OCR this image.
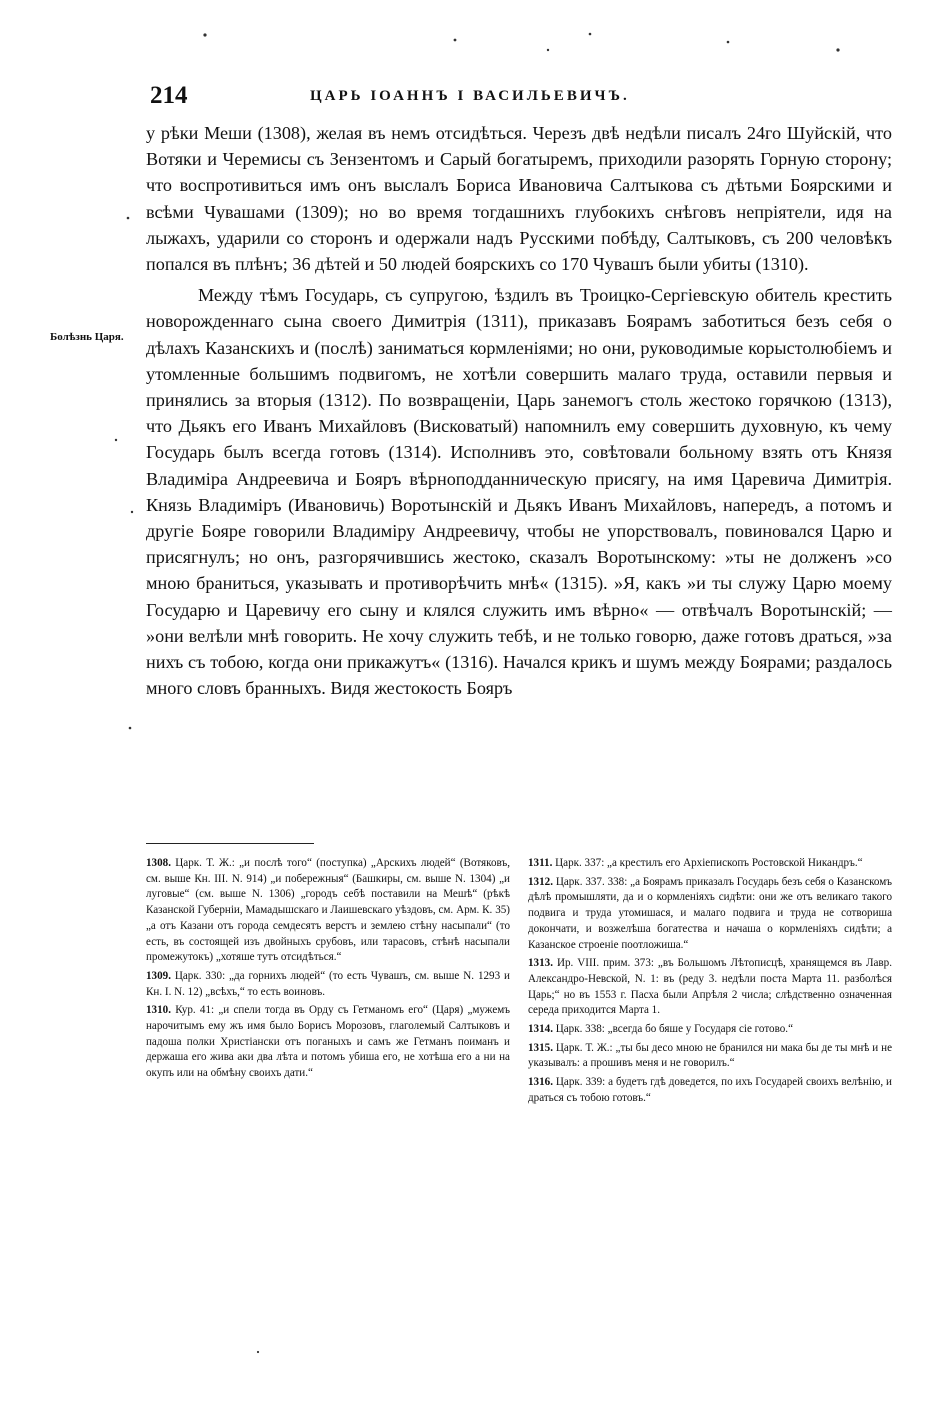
214	ЦАРЬ IОАННЪ I ВАСИЛЬЕВИЧЪ.
Болѣзнь Царя.

у рѣки Меши (1308), желая въ немъ отсидѣться. Черезъ двѣ недѣли писалъ 24го Шуйскій, что Вотяки и Черемисы съ Зензентомъ и Сарый богатыремъ, приходили разорять Горную сторону; что воспротивиться имъ онъ выслалъ Бориса Ивановича Салтыкова съ дѣтьми Боярскими и всѣми Чувашами (1309); но во время тогдашнихъ глубокихъ снѣговъ непріятели, идя на лыжахъ, ударили со сторонъ и одержали надъ Русскими побѣду, Салтыковъ, съ 200 человѣкъ попался въ плѣнъ; 36 дѣтей и 50 людей боярскихъ со 170 Чувашъ были убиты (1310).

Между тѣмъ Государь, съ супругою, ѣздилъ въ Троицко-Сергіевскую обитель крестить новорожденнаго сына своего Димитрія (1311), приказавъ Боярамъ заботиться безъ себя о дѣлахъ Казанскихъ и (послѣ) заниматься кормленіями; но они, руководимые корыстолюбіемъ и утомленные большимъ подвигомъ, не хотѣли совершить малаго труда, оставили первыя и принялись за вторыя (1312). По возвращеніи, Царь занемогъ столь жестоко горячкою (1313), что Дьякъ его Иванъ Михайловъ (Висковатый) напомнилъ ему совершить духовную, къ чему Государь былъ всегда готовъ (1314). Исполнивъ это, совѣтовали больному взять отъ Князя Владиміра Андреевича и Бояръ вѣрноподданническую присягу, на имя Царевича Димитрія. Князь Владиміръ (Ивановичь) Воротынскій и Дьякъ Иванъ Михайловъ, напередъ, а потомъ и другіе Бояре говорили Владиміру Андреевичу, чтобы не упорствовалъ, повиновался Царю и присягнулъ; но онъ, разгорячившись жестоко, сказалъ Воротынскому: »ты не долженъ »со мною браниться, указывать и противорѣчить мнѣ« (1315). »Я, какъ »и ты служу Царю моему Государю и Царевичу его сыну и клялся служить имъ вѣрно« — отвѣчалъ Воротынскій; — »они велѣли мнѣ говорить. Не хочу служить тебѣ, и не только говорю, даже готовъ драться, »за нихъ съ тобою, когда они прикажутъ« (1316). Начался крикъ и шумъ между Боярами; раздалось много словъ бранныхъ. Видя жестокость Бояръ

1308. Царк. Т. Ж.: „и послѣ того“ (поступка) „Арскихъ людей“ (Вотяковъ, см. выше Кн. III. N. 914) „и побережныя“ (Башкиры, см. выше N. 1304) „и луговые“ (см. выше N. 1306) „городъ себѣ поставили на Мешѣ“ (рѣкѣ Казанской Губерніи, Мамадышскаго и Лаишевскаго уѣздовъ, см. Арм. К. 35) „а отъ Казани отъ города семдесятъ верстъ и землею стѣну насыпали“ (то есть, въ состоящей изъ двойныхъ срубовъ, или тарасовъ, стѣнѣ насыпали промежутокъ) „хотяше тутъ отсидѣться.“

1309. Царк. 330: „да горнихъ людей“ (то есть Чувашъ, см. выше N. 1293 и Кн. I. N. 12) „всѣхъ,“ то есть воиновъ.

1310. Кур. 41: „и спели тогда въ Орду съ Гетманомъ его“ (Царя) „мужемъ нарочитымъ ему жъ имя было Борисъ Морозовъ, глаголемый Салтыковъ и падоша полки Христіански отъ поганыхъ и самъ же Гетманъ поиманъ и держаша его жива аки два лѣта и потомъ убиша его, не хотѣша его а ни на окупъ или на обмѣну своихъ дати.“

1311. Царк. 337: „а крестилъ его Архіепископъ Ростовской Никандръ.“

1312. Царк. 337. 338: „а Боярамъ приказалъ Государь безъ себя о Казанскомъ дѣлѣ промышляти, да и о кормленіяхъ сидѣти: они же отъ великаго такого подвига и труда утомишася, и малаго подвига и труда не сотвориша докончати, и возжелѣша богатества и начаша о кормленіяхъ сидѣти; а Казанское строеніе поотложиша.“

1313. Ир. VIII. прим. 373: „въ Большомъ Лѣтописцѣ, хранящемся въ Лавр. Александро-Невской, N. 1: въ (реду 3. недѣли поста Марта 11. разболѣся Царь;“ но въ 1553 г. Пасха были Апрѣля 2 числа; слѣдственно означенная середа приходится Марта 1.

1314. Царк. 338: „всегда бо бяше у Государя сіе готово.“

1315. Царк. Т. Ж.: „ты бы десо мною не бранился ни мака бы де ты мнѣ и не указывалъ: а прошивъ меня и не говорилъ.“

1316. Царк. 339: а будетъ гдѣ доведется, по ихъ Государей своихъ велѣнію, и драться съ тобою готовъ.“
